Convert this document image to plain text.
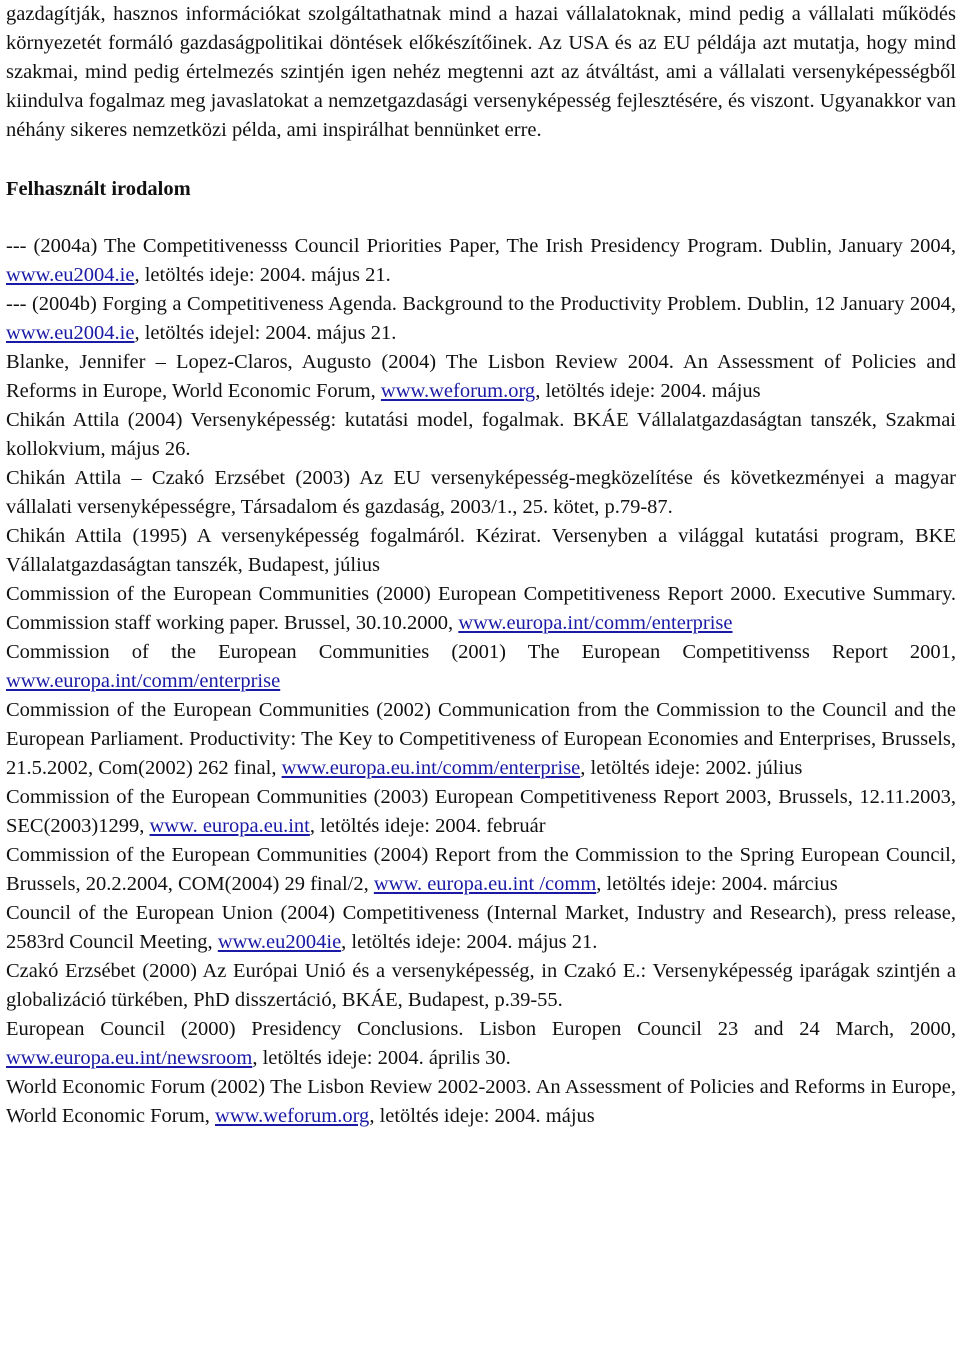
gazdagítják, hasznos információkat szolgáltathatnak mind a hazai vállalatoknak, mind pedig a vállalati működés környezetét formáló gazdaságpolitikai döntések előkészítőinek. Az USA és az EU példája azt mutatja, hogy mind szakmai, mind pedig értelmezés szintjén igen nehéz megtenni azt az átváltást, ami a vállalati versenyképességből kiindulva fogalmaz meg javaslatokat a nemzetgazdasági versenyképesség fejlesztésére, és viszont. Ugyanakkor van néhány sikeres nemzetközi példa, ami inspirálhat bennünket erre.

Felhasznált irodalom

--- (2004a) The Competitivenesss Council Priorities Paper, The Irish Presidency Program. Dublin, January 2004, www.eu2004.ie, letöltés ideje: 2004. május 21.

--- (2004b) Forging a Competitiveness Agenda. Background to the Productivity Problem. Dublin, 12 January 2004, www.eu2004.ie, letöltés idejel: 2004. május 21.

Blanke, Jennifer – Lopez-Claros, Augusto (2004) The Lisbon Review 2004. An Assessment of Policies and Reforms in Europe, World Economic Forum, www.weforum.org, letöltés ideje: 2004. május

Chikán Attila (2004) Versenyképesség: kutatási model, fogalmak. BKÁE Vállalatgazdaságtan tanszék, Szakmai kollokvium, május 26.

Chikán Attila – Czakó Erzsébet (2003) Az EU versenyképesség-megközelítése és következményei a magyar vállalati versenyképességre, Társadalom és gazdaság, 2003/1., 25. kötet, p.79-87.

Chikán Attila (1995) A versenyképesség fogalmáról. Kézirat. Versenyben a világgal kutatási program, BKE Vállalatgazdaságtan tanszék, Budapest, július

Commission of the European Communities (2000) European Competitiveness Report 2000. Executive Summary. Commission staff working paper. Brussel, 30.10.2000, www.europa.int/comm/enterprise

Commission of the European Communities (2001) The European Competitivenss Report 2001, www.europa.int/comm/enterprise

Commission of the European Communities (2002) Communication from the Commission to the Council and the European Parliament. Productivity: The Key to Competitiveness of European Economies and Enterprises, Brussels, 21.5.2002, Com(2002) 262 final, www.europa.eu.int/comm/enterprise, letöltés ideje: 2002. július

Commission of the European Communities (2003) European Competitiveness Report 2003, Brussels, 12.11.2003, SEC(2003)1299, www. europa.eu.int, letöltés ideje: 2004. február

Commission of the European Communities (2004) Report from the Commission to the Spring European Council, Brussels, 20.2.2004, COM(2004) 29 final/2, www. europa.eu.int /comm, letöltés ideje: 2004. március

Council of the European Union (2004) Competitiveness (Internal Market, Industry and Research), press release, 2583rd Council Meeting, www.eu2004ie, letöltés ideje: 2004. május 21.

Czakó Erzsébet (2000) Az Európai Unió és a versenyképesség, in Czakó E.: Versenyképesség iparágak szintjén a globalizáció türkében, PhD disszertáció, BKÁE, Budapest, p.39-55.

European Council (2000) Presidency Conclusions. Lisbon Europen Council 23 and 24 March, 2000, www.europa.eu.int/newsroom, letöltés ideje: 2004. április 30.

World Economic Forum (2002) The Lisbon Review 2002-2003. An Assessment of Policies and Reforms in Europe, World Economic Forum, www.weforum.org, letöltés ideje: 2004. május
